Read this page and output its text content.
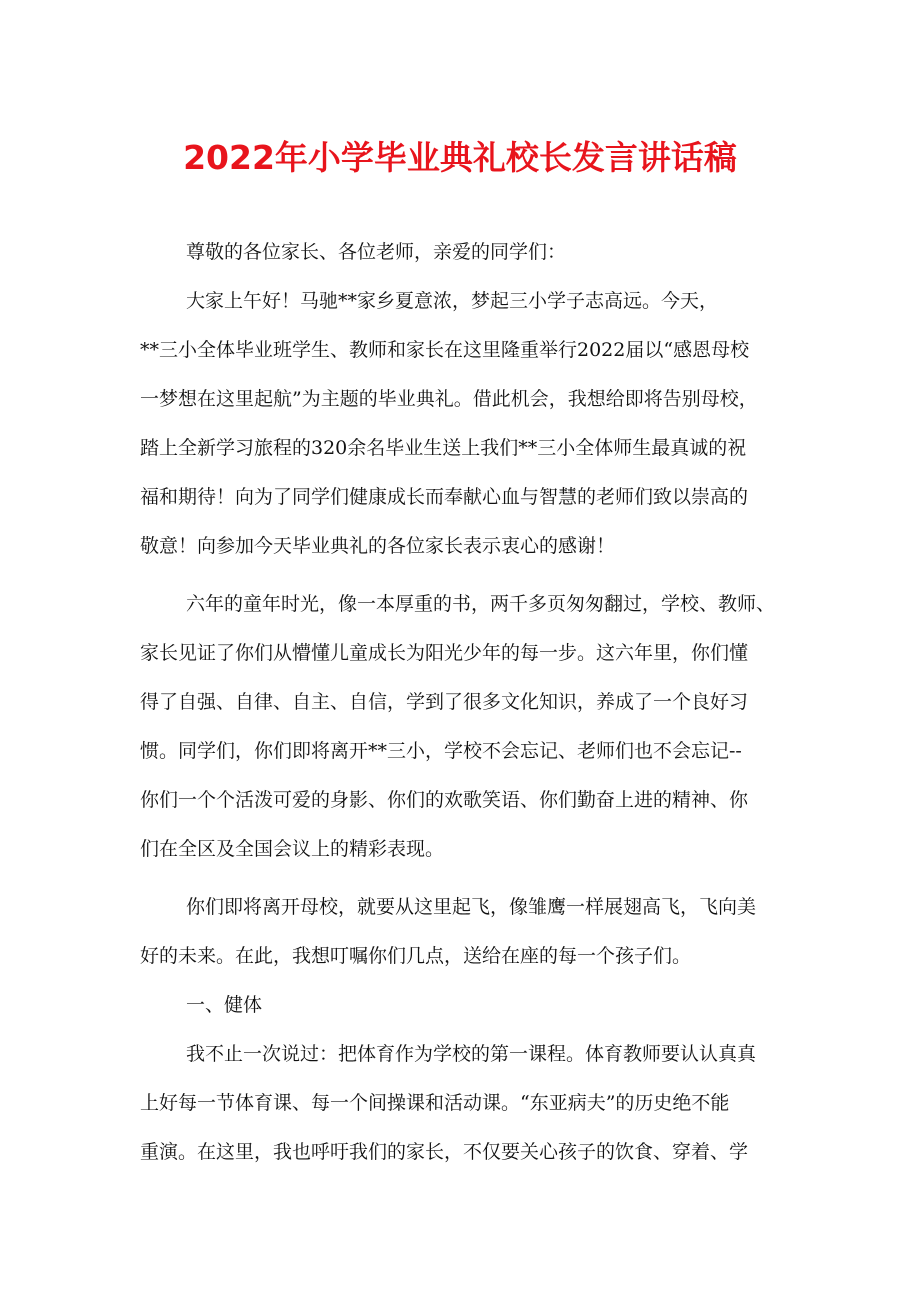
2022年小学毕业典礼校长发言讲话稿
尊敬的各位家长、各位老师，亲爱的同学们：
大家上午好！马驰**家乡夏意浓，梦起三小学子志高远。今天，
**三小全体毕业班学生、教师和家长在这里隆重举行2022届以“感恩母校
一梦想在这里起航”为主题的毕业典礼。借此机会，我想给即将告别母校，
踏上全新学习旅程的320余名毕业生送上我们**三小全体师生最真诚的祝
福和期待！向为了同学们健康成长而奉献心血与智慧的老师们致以崇高的
敬意！向参加今天毕业典礼的各位家长表示衷心的感谢！
六年的童年时光，像一本厚重的书，两千多页匆匆翻过，学校、教师、
家长见证了你们从懵懂儿童成长为阳光少年的每一步。这六年里，你们懂
得了自强、自律、自主、自信，学到了很多文化知识，养成了一个良好习
惯。同学们，你们即将离开**三小，学校不会忘记、老师们也不会忘记--
你们一个个活泼可爱的身影、你们的欢歌笑语、你们勤奋上进的精神、你
们在全区及全国会议上的精彩表现。
你们即将离开母校，就要从这里起飞，像雏鹰一样展翅高飞，飞向美
好的未来。在此，我想叮嘱你们几点，送给在座的每一个孩子们。
一、健体
我不止一次说过：把体育作为学校的第一课程。体育教师要认认真真
上好每一节体育课、每一个间操课和活动课。“东亚病夫”的历史绝不能
重演。在这里，我也呼吁我们的家长，不仅要关心孩子的饮食、穿着、学
